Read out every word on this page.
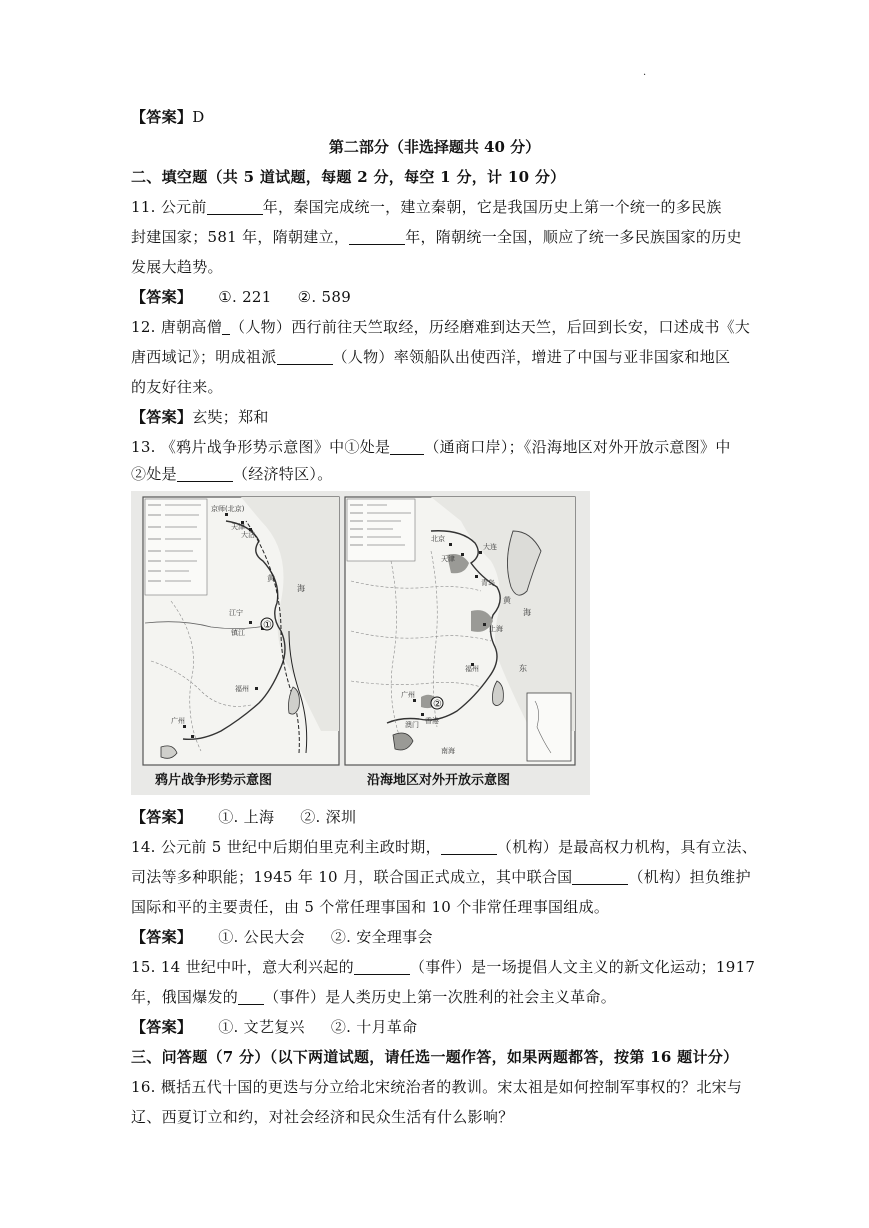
·
【答案】D
第二部分（非选择题共 40 分）
二、填空题（共 5 道试题，每题 2 分，每空 1 分，计 10 分）
11. 公元前	年，秦国完成统一，建立秦朝，它是我国历史上第一个统一的多民族
封建国家；581 年，隋朝建立，	年，隋朝统一全国，顺应了统一多民族国家的历史
发展大趋势。
【答案】 ①. 221 ②. 589
12. 唐朝高僧 （人物）西行前往天竺取经，历经磨难到达天竺，后回到长安，口述成书《大
唐西域记》；明成祖派	（人物）率领船队出使西洋，增进了中国与亚非国家和地区
的友好往来。
【答案】玄奘；郑和
13. 《鸦片战争形势示意图》中①处是 （通商口岸）；《沿海地区对外开放示意图》中
②处是	（经济特区）。
①
京师(北京)
天津
大沽
黄
海
江宁
镇江
福州
广州
鸦片战争形势示意图
②
北京
天津
大连
青岛
黄
海
东
上海
福州
广州
香港
澳门
南海
沿海地区对外开放示意图
【答案】 ①. 上海 ②. 深圳
14. 公元前 5 世纪中后期伯里克利主政时期，	（机构）是最高权力机构，具有立法、
司法等多种职能；1945 年 10 月，联合国正式成立，其中联合国	（机构）担负维护
国际和平的主要责任，由 5 个常任理事国和 10 个非常任理事国组成。
【答案】 ①. 公民大会 ②. 安全理事会
15. 14 世纪中叶，意大利兴起的	（事件）是一场提倡人文主义的新文化运动；1917
年，俄国爆发的 （事件）是人类历史上第一次胜利的社会主义革命。
【答案】 ①. 文艺复兴 ②. 十月革命
三、问答题（7 分）（以下两道试题，请任选一题作答，如果两题都答，按第 16 题计分）
16. 概括五代十国的更迭与分立给北宋统治者的教训。宋太祖是如何控制军事权的？北宋与
辽、西夏订立和约，对社会经济和民众生活有什么影响？
